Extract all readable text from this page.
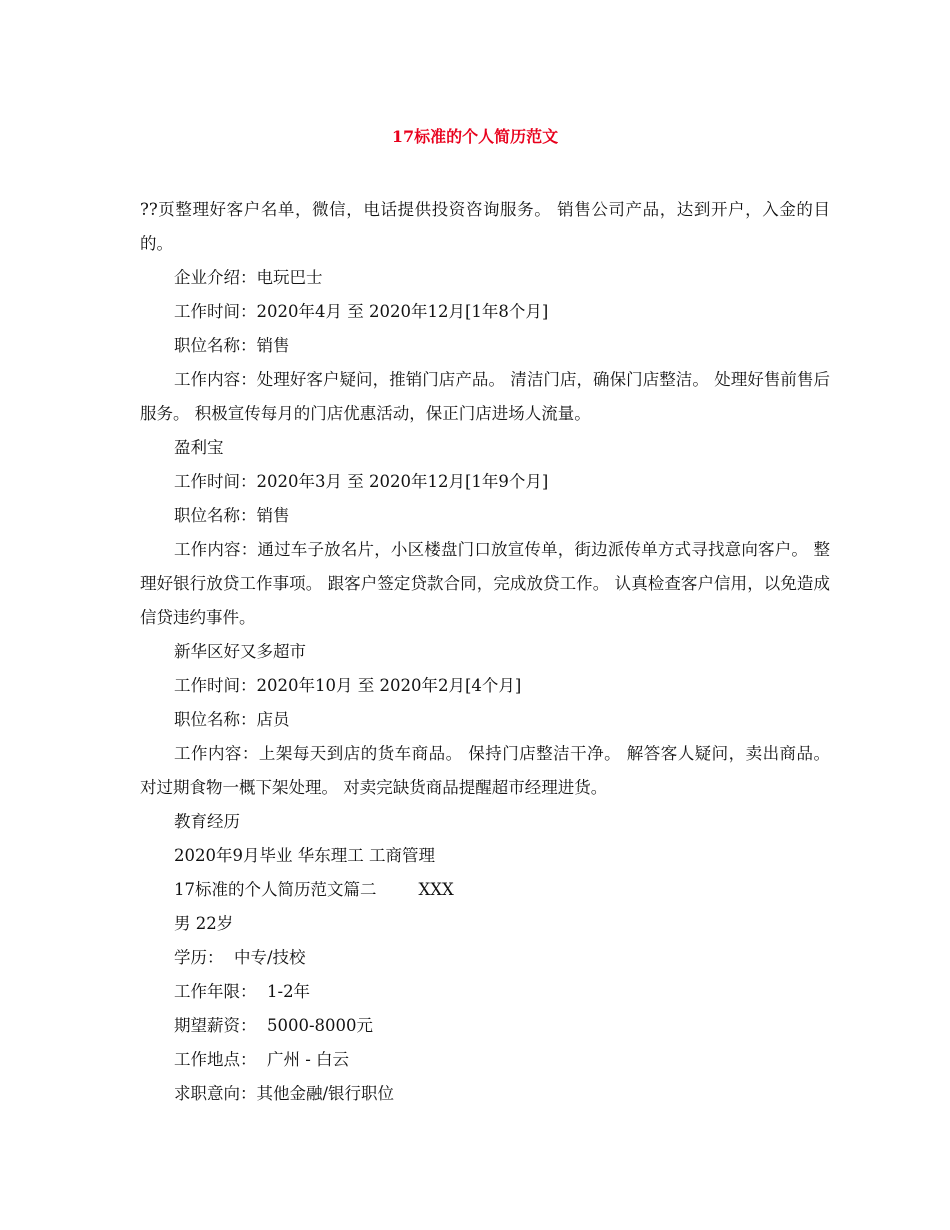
17标准的个人简历范文

??页整理好客户名单，微信，电话提供投资咨询服务。 销售公司产品，达到开户，入金的目的。

企业介绍：电玩巴士

工作时间：2020年4月 至 2020年12月[1年8个月]

职位名称：销售

工作内容：处理好客户疑问，推销门店产品。 清洁门店，确保门店整洁。 处理好售前售后服务。 积极宣传每月的门店优惠活动，保正门店进场人流量。

盈利宝

工作时间：2020年3月 至 2020年12月[1年9个月]

职位名称：销售

工作内容：通过车子放名片，小区楼盘门口放宣传单，街边派传单方式寻找意向客户。 整理好银行放贷工作事项。 跟客户签定贷款合同，完成放贷工作。 认真检查客户信用，以免造成信贷违约事件。

新华区好又多超市

工作时间：2020年10月 至 2020年2月[4个月]

职位名称：店员

工作内容：上架每天到店的货车商品。 保持门店整洁干净。 解答客人疑问，卖出商品。 对过期食物一概下架处理。 对卖完缺货商品提醒超市经理进货。

教育经历

2020年9月毕业 华东理工 工商管理

17标准的个人简历范文篇二        XXX

男 22岁

学历：  中专/技校

工作年限：  1-2年

期望薪资：  5000-8000元

工作地点：  广州 - 白云

求职意向：其他金融/银行职位
